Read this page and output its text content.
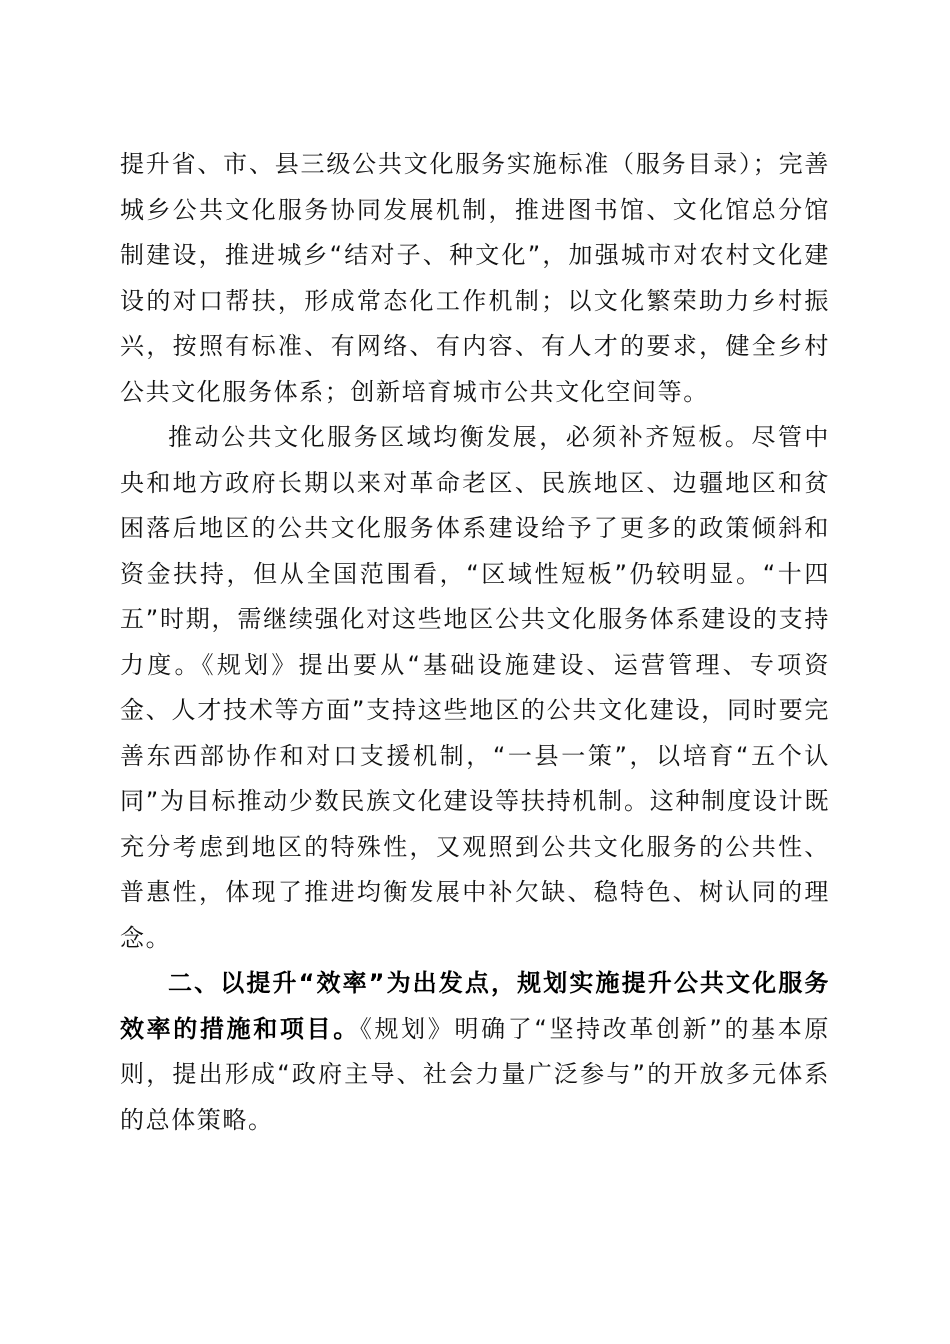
提升省、市、县三级公共文化服务实施标准（服务目录）；完善城乡公共文化服务协同发展机制，推进图书馆、文化馆总分馆制建设，推进城乡“结对子、种文化”，加强城市对农村文化建设的对口帮扶，形成常态化工作机制；以文化繁荣助力乡村振兴，按照有标准、有网络、有内容、有人才的要求，健全乡村公共文化服务体系；创新培育城市公共文化空间等。

推动公共文化服务区域均衡发展，必须补齐短板。尽管中央和地方政府长期以来对革命老区、民族地区、边疆地区和贫困落后地区的公共文化服务体系建设给予了更多的政策倾斜和资金扶持，但从全国范围看，“区域性短板”仍较明显。“十四五”时期，需继续强化对这些地区公共文化服务体系建设的支持力度。《规划》提出要从“基础设施建设、运营管理、专项资金、人才技术等方面”支持这些地区的公共文化建设，同时要完善东西部协作和对口支援机制，“一县一策”，以培育“五个认同”为目标推动少数民族文化建设等扶持机制。这种制度设计既充分考虑到地区的特殊性，又观照到公共文化服务的公共性、普惠性，体现了推进均衡发展中补欠缺、稳特色、树认同的理念。

二、以提升“效率”为出发点，规划实施提升公共文化服务效率的措施和项目。《规划》明确了“坚持改革创新”的基本原则，提出形成“政府主导、社会力量广泛参与”的开放多元体系的总体策略。
